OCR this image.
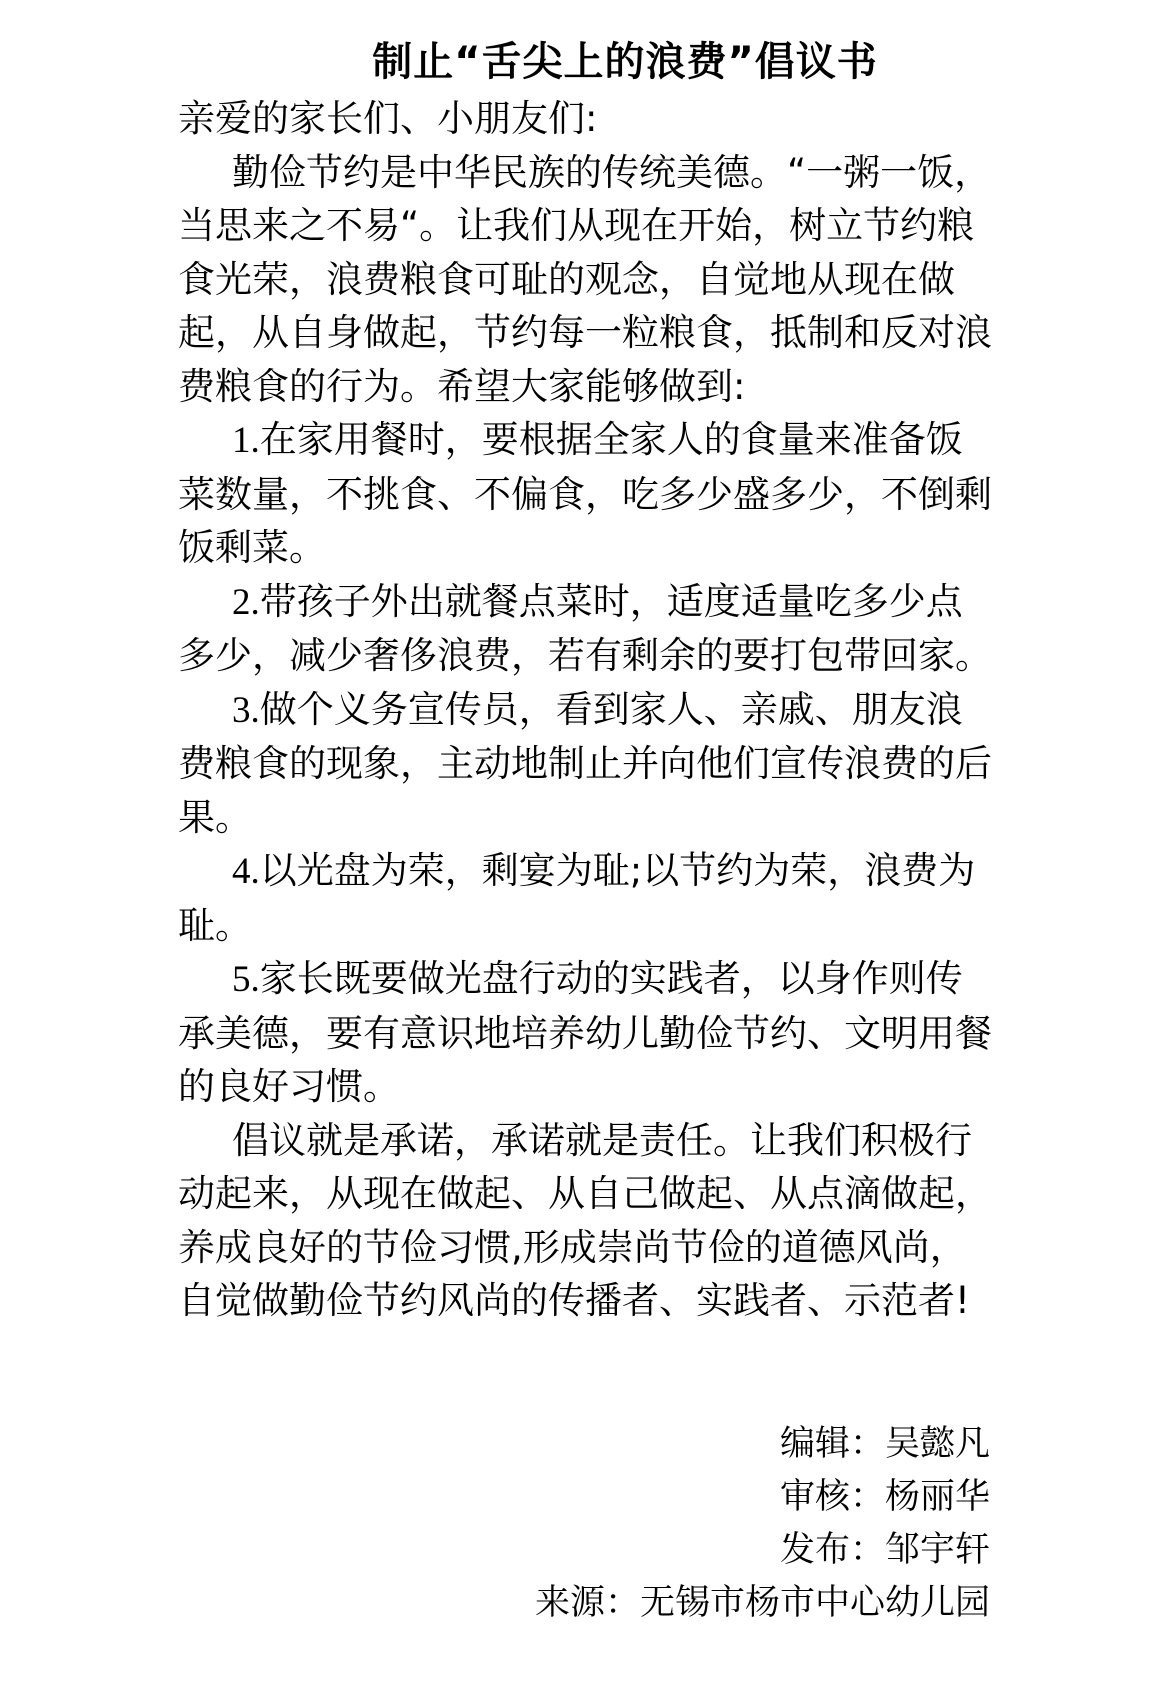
制止“舌尖上的浪费”倡议书

亲爱的家长们、小朋友们:

勤俭节约是中华民族的传统美德。“一粥一饭，当思来之不易“。让我们从现在开始，树立节约粮食光荣，浪费粮食可耻的观念，自觉地从现在做起，从自身做起，节约每一粒粮食，抵制和反对浪费粮食的行为。希望大家能够做到:

1.在家用餐时，要根据全家人的食量来准备饭菜数量，不挑食、不偏食，吃多少盛多少，不倒剩饭剩菜。

2.带孩子外出就餐点菜时，适度适量吃多少点多少，减少奢侈浪费，若有剩余的要打包带回家。

3.做个义务宣传员，看到家人、亲戚、朋友浪费粮食的现象，主动地制止并向他们宣传浪费的后果。

4.以光盘为荣，剩宴为耻;以节约为荣，浪费为耻。

5.家长既要做光盘行动的实践者，以身作则传承美德，要有意识地培养幼儿勤俭节约、文明用餐的良好习惯。

倡议就是承诺，承诺就是责任。让我们积极行动起来，从现在做起、从自己做起、从点滴做起，养成良好的节俭习惯,形成崇尚节俭的道德风尚，自觉做勤俭节约风尚的传播者、实践者、示范者!

编辑：吴懿凡
审核：杨丽华
发布：邹宇轩
来源：无锡市杨市中心幼儿园
